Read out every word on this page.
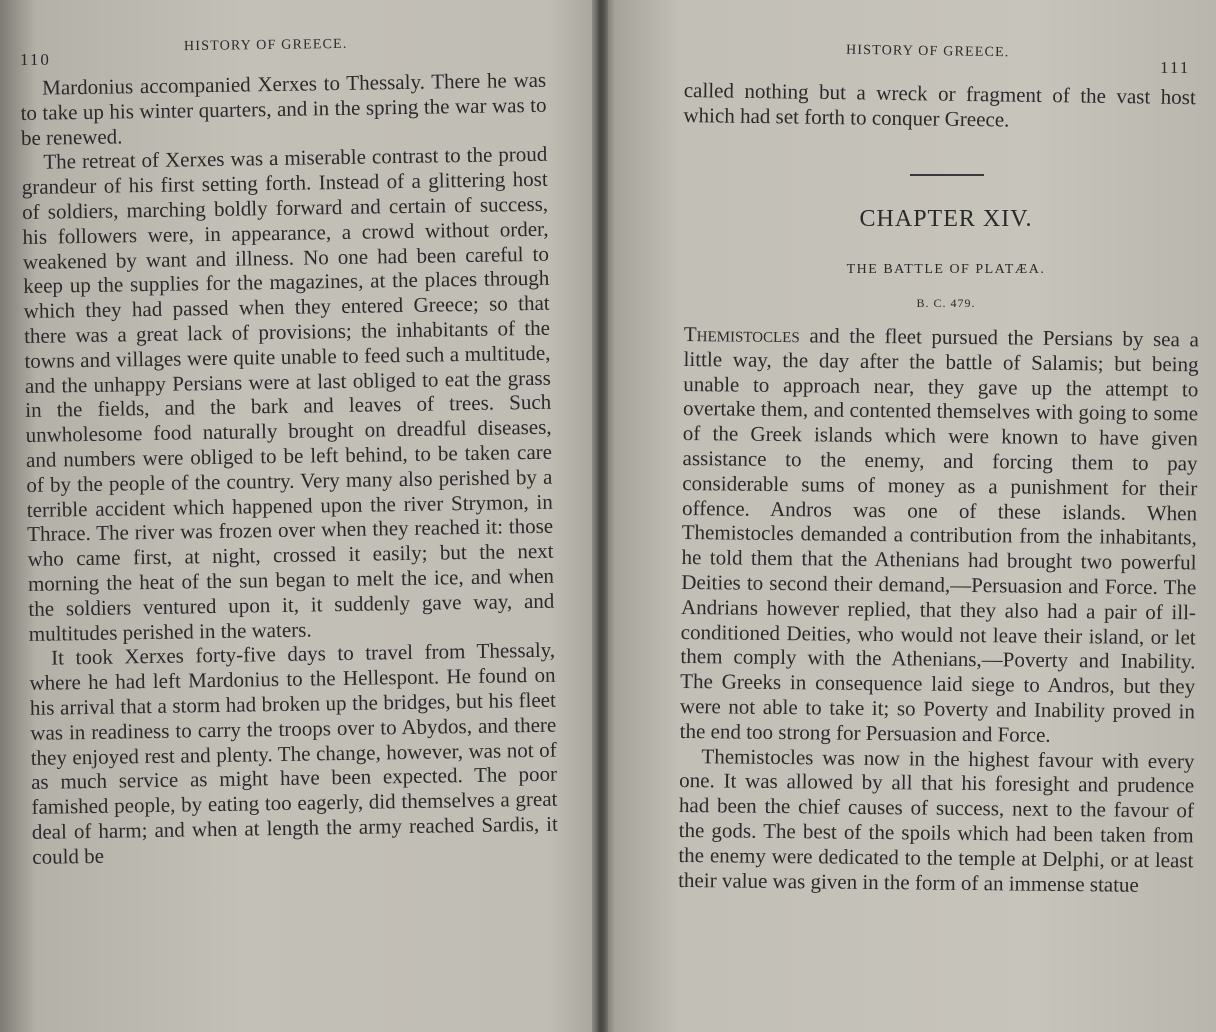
110
HISTORY OF GREECE.

Mardonius accompanied Xerxes to Thessaly. There he was to take up his winter quarters, and in the spring the war was to be renewed.

The retreat of Xerxes was a miserable contrast to the proud grandeur of his first setting forth. Instead of a glittering host of soldiers, marching boldly forward and certain of success, his followers were, in appearance, a crowd without order, weakened by want and illness. No one had been careful to keep up the supplies for the magazines, at the places through which they had passed when they entered Greece; so that there was a great lack of provisions; the inhabitants of the towns and villages were quite unable to feed such a multitude, and the unhappy Persians were at last obliged to eat the grass in the fields, and the bark and leaves of trees. Such unwholesome food naturally brought on dreadful diseases, and numbers were obliged to be left behind, to be taken care of by the people of the country. Very many also perished by a terrible accident which happened upon the river Strymon, in Thrace. The river was frozen over when they reached it: those who came first, at night, crossed it easily; but the next morning the heat of the sun began to melt the ice, and when the soldiers ventured upon it, it suddenly gave way, and multitudes perished in the waters.

It took Xerxes forty-five days to travel from Thessaly, where he had left Mardonius to the Hellespont. He found on his arrival that a storm had broken up the bridges, but his fleet was in readiness to carry the troops over to Abydos, and there they enjoyed rest and plenty. The change, however, was not of as much service as might have been expected. The poor famished people, by eating too eagerly, did themselves a great deal of harm; and when at length the army reached Sardis, it could be

HISTORY OF GREECE.
111

called nothing but a wreck or fragment of the vast host which had set forth to conquer Greece.

CHAPTER XIV.
THE BATTLE OF PLATÆA.
B. C. 479.

Themistocles and the fleet pursued the Persians by sea a little way, the day after the battle of Salamis; but being unable to approach near, they gave up the attempt to overtake them, and contented themselves with going to some of the Greek islands which were known to have given assistance to the enemy, and forcing them to pay considerable sums of money as a punishment for their offence. Andros was one of these islands. When Themistocles demanded a contribution from the inhabitants, he told them that the Athenians had brought two powerful Deities to second their demand,—Persuasion and Force. The Andrians however replied, that they also had a pair of ill-conditioned Deities, who would not leave their island, or let them comply with the Athenians,—Poverty and Inability. The Greeks in consequence laid siege to Andros, but they were not able to take it; so Poverty and Inability proved in the end too strong for Persuasion and Force.

Themistocles was now in the highest favour with every one. It was allowed by all that his foresight and prudence had been the chief causes of success, next to the favour of the gods. The best of the spoils which had been taken from the enemy were dedicated to the temple at Delphi, or at least their value was given in the form of an immense statue
